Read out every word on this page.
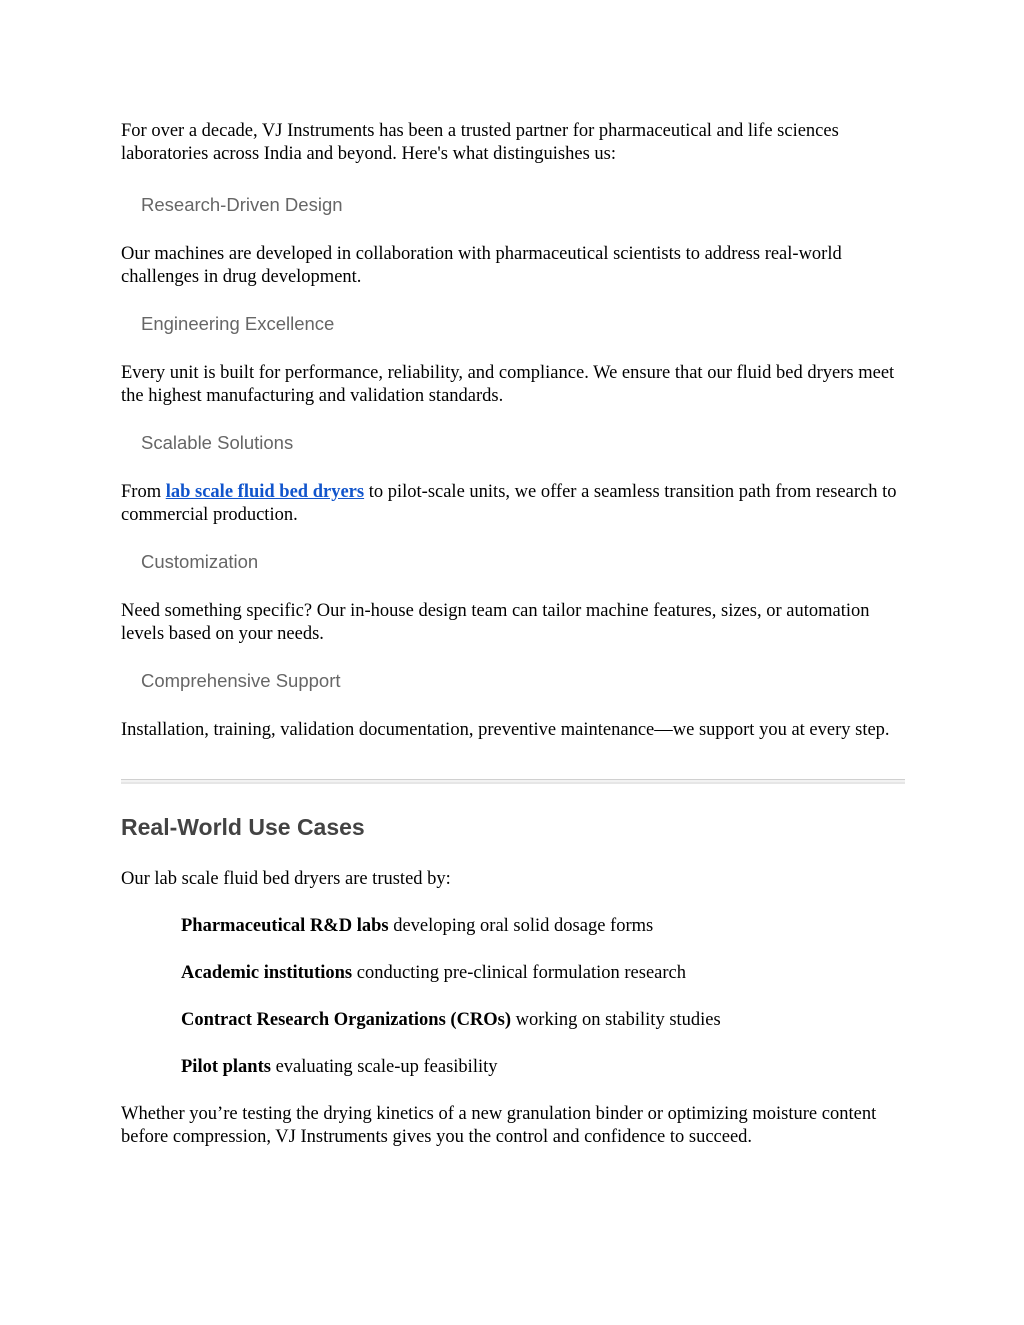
For over a decade, VJ Instruments has been a trusted partner for pharmaceutical and life sciences laboratories across India and beyond. Here's what distinguishes us:

Research-Driven Design

Our machines are developed in collaboration with pharmaceutical scientists to address real-world challenges in drug development.

Engineering Excellence

Every unit is built for performance, reliability, and compliance. We ensure that our fluid bed dryers meet the highest manufacturing and validation standards.

Scalable Solutions

From lab scale fluid bed dryers to pilot-scale units, we offer a seamless transition path from research to commercial production.

Customization

Need something specific? Our in-house design team can tailor machine features, sizes, or automation levels based on your needs.

Comprehensive Support

Installation, training, validation documentation, preventive maintenance—we support you at every step.

Real-World Use Cases

Our lab scale fluid bed dryers are trusted by:

Pharmaceutical R&D labs developing oral solid dosage forms

Academic institutions conducting pre-clinical formulation research

Contract Research Organizations (CROs) working on stability studies

Pilot plants evaluating scale-up feasibility

Whether you’re testing the drying kinetics of a new granulation binder or optimizing moisture content before compression, VJ Instruments gives you the control and confidence to succeed.
